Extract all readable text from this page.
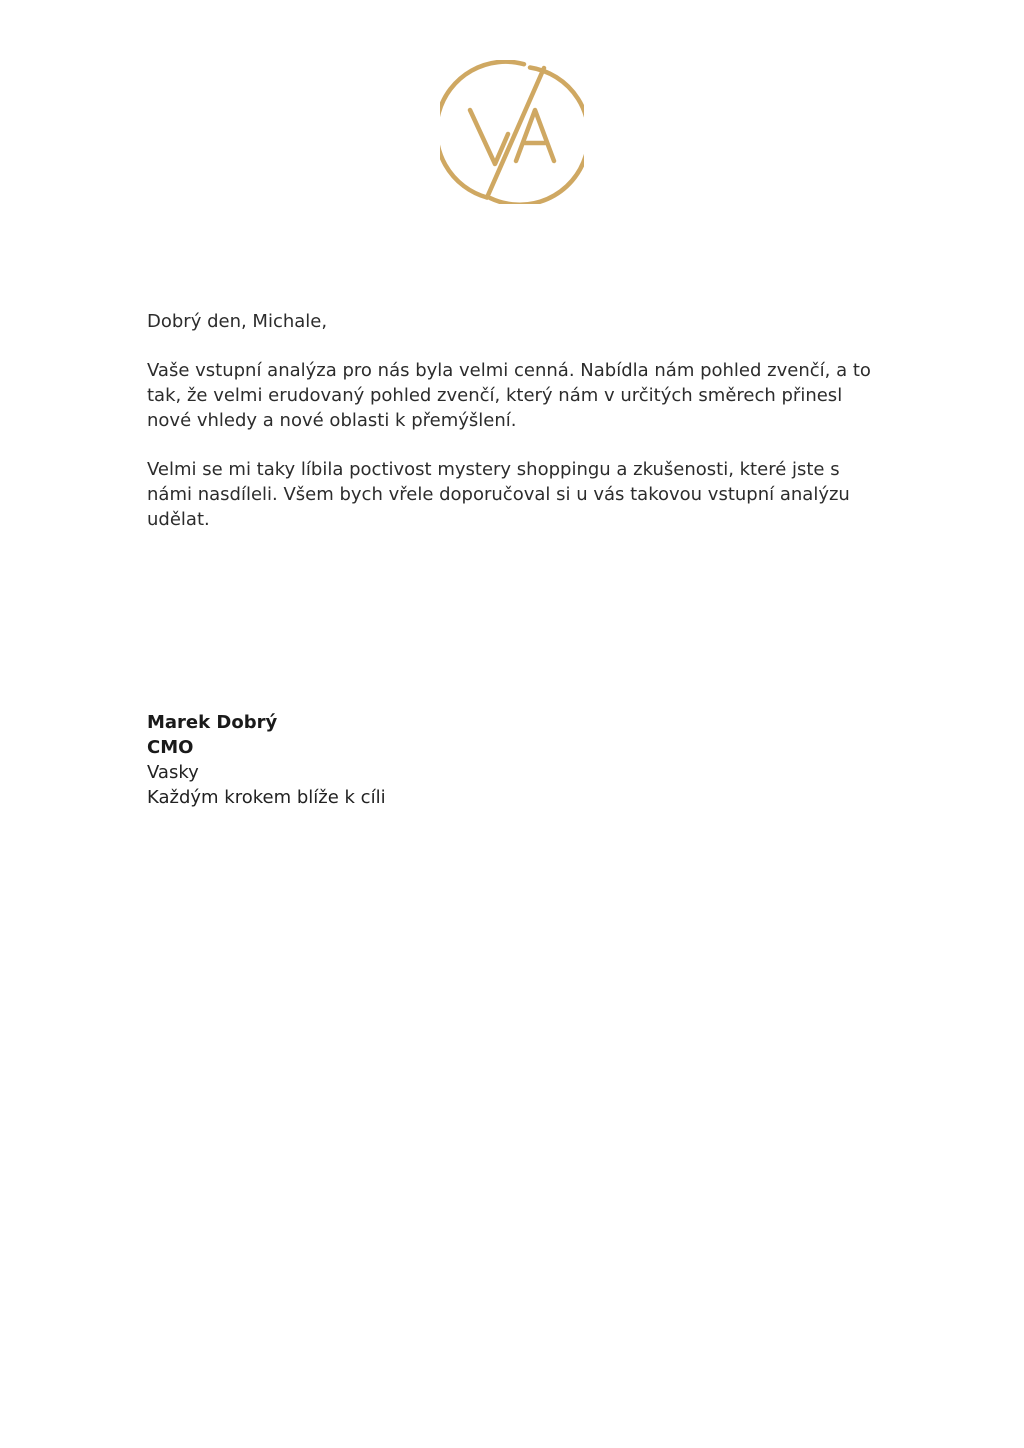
Dobrý den, Michale,

Vaše vstupní analýza pro nás byla velmi cenná. Nabídla nám pohled zvenčí, a to tak, že velmi erudovaný pohled zvenčí, který nám v určitých směrech přinesl nové vhledy a nové oblasti k přemýšlení.

Velmi se mi taky líbila poctivost mystery shoppingu a zkušenosti, které jste s námi nasdíleli. Všem bych vřele doporučoval si u vás takovou vstupní analýzu udělat.

Marek Dobrý
CMO
Vasky
Každým krokem blíže k cíli
